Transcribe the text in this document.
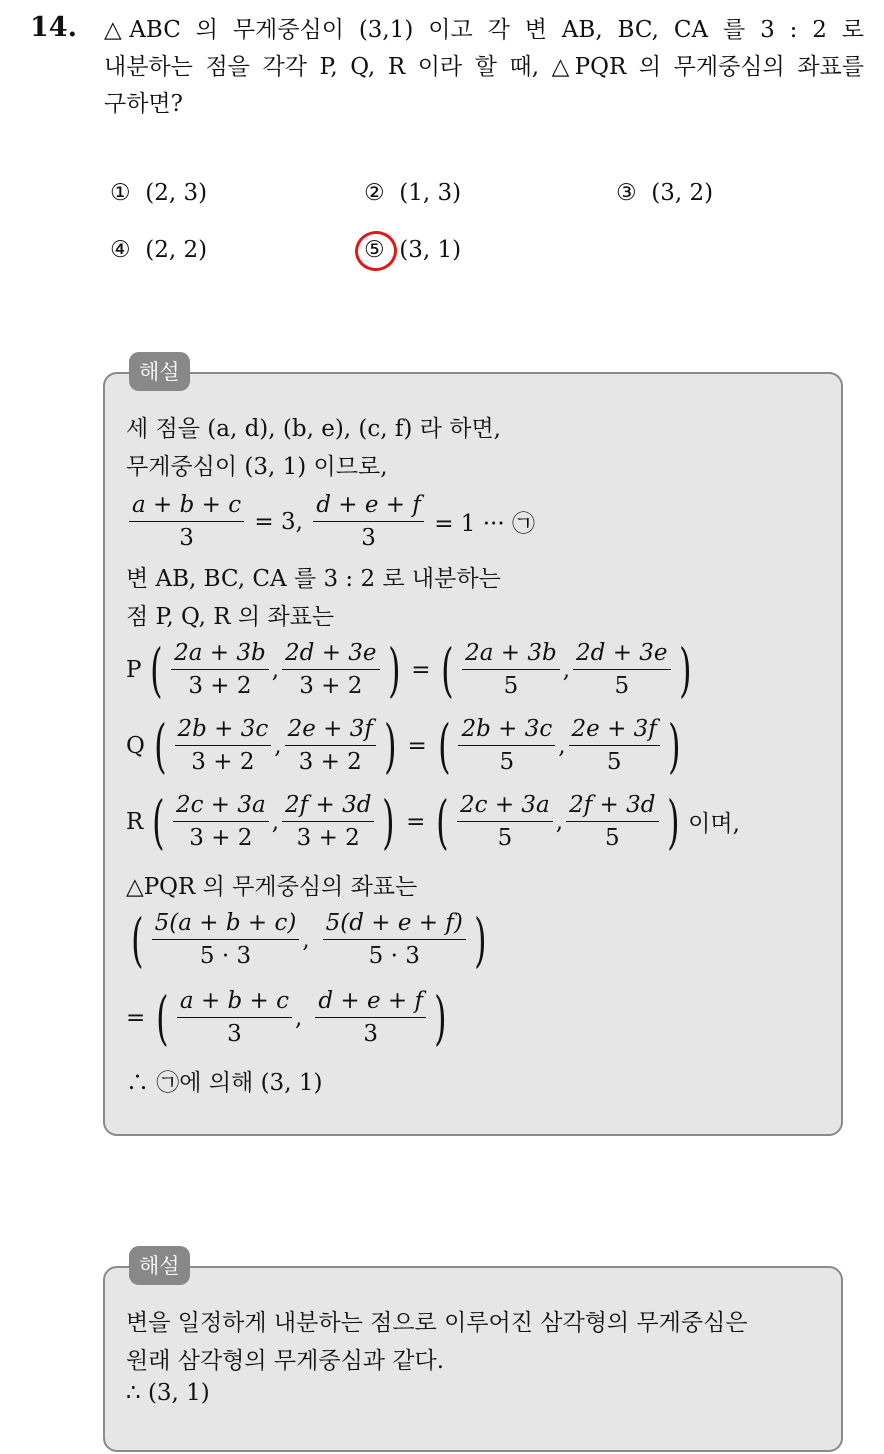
14. △ABC 의 무게중심이 (3,1) 이고 각 변 AB, BC, CA 를 3 : 2 로
내분하는 점을 각각 P, Q, R 이라 할 때, △PQR 의 무게중심의 좌표를
구하면?
① (2, 3)	② (1, 3)	③ (3, 2)
④ (2, 2)	⑤ (3, 1)
해설
세 점을 (a, d), (b, e), (c, f) 라 하면,
무게중심이 (3, 1) 이므로,
$\frac{a + b + c}{3} = 3$, $\frac{d + e + f}{3} = 1$ ··· ㉠
변 AB, BC, CA 를 3 : 2 로 내분하는
점 P, Q, R 의 좌표는
P ( $\frac{2a + 3b}{3 + 2}$ , $\frac{2d + 3e}{3 + 2}$ ) = ( $\frac{2a + 3b}{5}$ , $\frac{2d + 3e}{5}$ )
Q ( $\frac{2b + 3c}{3 + 2}$ , $\frac{2e + 3f}{3 + 2}$ ) = ( $\frac{2b + 3c}{5}$ , $\frac{2e + 3f}{5}$ )
R ( $\frac{2c + 3a}{3 + 2}$ , $\frac{2f + 3d}{3 + 2}$ ) = ( $\frac{2c + 3a}{5}$ , $\frac{2f + 3d}{5}$ ) 이며,
△PQR 의 무게중심의 좌표는
( $\frac{5(a + b + c)}{5 \cdot 3}$ , $\frac{5(d + e + f)}{5 \cdot 3}$ )
= ( $\frac{a + b + c}{3}$ , $\frac{d + e + f}{3}$ )
∴ ㉠에 의해 (3, 1)
해설
변을 일정하게 내분하는 점으로 이루어진 삼각형의 무게중심은
원래 삼각형의 무게중심과 같다.
∴ (3, 1)
